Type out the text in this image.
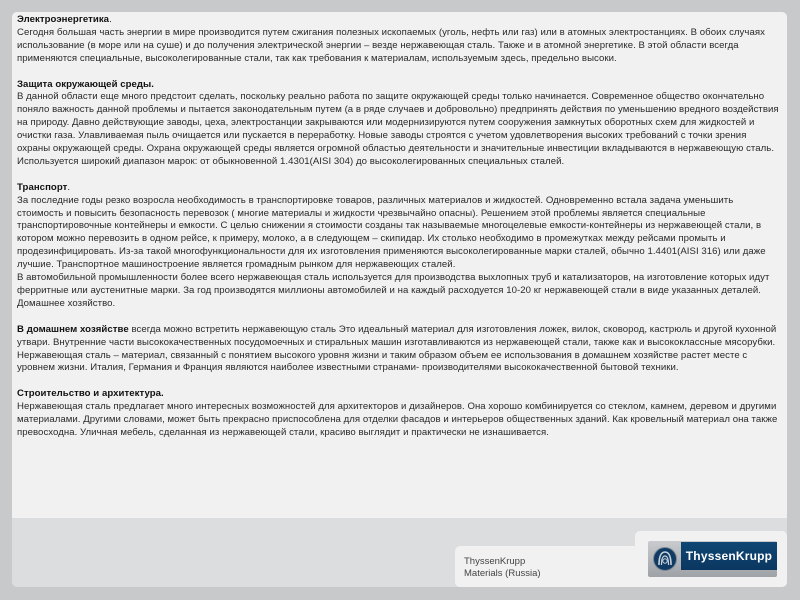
Электроэнергетика.
Сегодня большая часть энергии в мире производится путем сжигания полезных ископаемых (уголь, нефть или газ) или в атомных электростанциях. В обоих случаях использование (в море или на суше) и до получения электрической энергии – везде нержавеющая сталь. Также и в атомной энергетике. В этой области всегда применяются специальные, высоколегированные стали, так как требования к материалам, используемым здесь, предельно высоки.

Защита окружающей среды.
В данной области еще много предстоит сделать, поскольку реально работа по защите окружающей среды только начинается. Современное общество окончательно поняло важность данной проблемы и пытается законодательным путем (а в ряде случаев и добровольно) предпринять действия по уменьшению вредного воздействия на природу. Давно действующие заводы, цеха, электростанции закрываются или модернизируются путем сооружения замкнутых оборотных схем для жидкостей и очистки газа. Улавливаемая пыль очищается или пускается в переработку. Новые заводы строятся с учетом удовлетворения высоких требований с точки зрения охраны окружающей среды. Охрана окружающей среды является огромной областью деятельности и значительные инвестиции вкладываются в нержавеющую сталь. Используется широкий диапазон марок: от обыкновенной 1.4301(AISI 304) до высоколегированных специальных сталей.

Транспорт.
За последние годы резко возросла необходимость в транспортировке товаров, различных материалов и жидкостей. Одновременно встала задача уменьшить стоимость и повысить безопасность перевозок ( многие материалы и жидкости чрезвычайно опасны). Решением этой проблемы является специальные транспортировочные контейнеры и емкости. С целью снижении я стоимости созданы так называемые многоцелевые емкости-контейнеры из нержавеющей стали, в котором можно перевозить в одном рейсе, к примеру, молоко, а в следующем – скипидар. Их столько необходимо в промежутках между рейсами промыть и продезинфицировать. Из-за такой многофункциональности для их изготовления применяются высоколегированные марки сталей, обычно 1.4401(AISI 316) или даже лучшие. Транспортное машиностроение является громадным рынком для нержавеющих сталей.
В автомобильной промышленности более всего нержавеющая сталь используется для производства выхлопных труб и катализаторов, на изготовление которых идут ферритные или аустенитные марки. За год производятся миллионы автомобилей и на каждый расходуется 10-20 кг нержавеющей стали в виде указанных деталей.
Домашнее хозяйство.

В домашнем хозяйстве всегда можно встретить нержавеющую сталь Это идеальный материал для изготовления ложек, вилок, сковород, кастрюль и другой кухонной утвари. Внутренние части высококачественных посудомоечных и стиральных машин изготавливаются из нержавеющей стали, также как и высококлассные мясорубки. Нержавеющая сталь – материал, связанный с понятием высокого уровня жизни и таким образом объем ее использования в домашнем хозяйстве растет месте с уровнем жизни. Италия, Германия и Франция являются наиболее известными странами- производителями высококачественной бытовой техники.

Строительство и архитектура.
Нержавеющая сталь предлагает много интересных возможностей для архитекторов и дизайнеров. Она хорошо комбинируется со стеклом, камнем, деревом и другими материалами. Другими словами, может быть прекрасно приспособлена для отделки фасадов и интерьеров общественных зданий. Как кровельный материал она также превосходна. Уличная мебель, сделанная из нержавеющей стали, красиво выглядит и практически не изнашивается.

ThyssenKrupp
Materials (Russia)
ThyssenKrupp
